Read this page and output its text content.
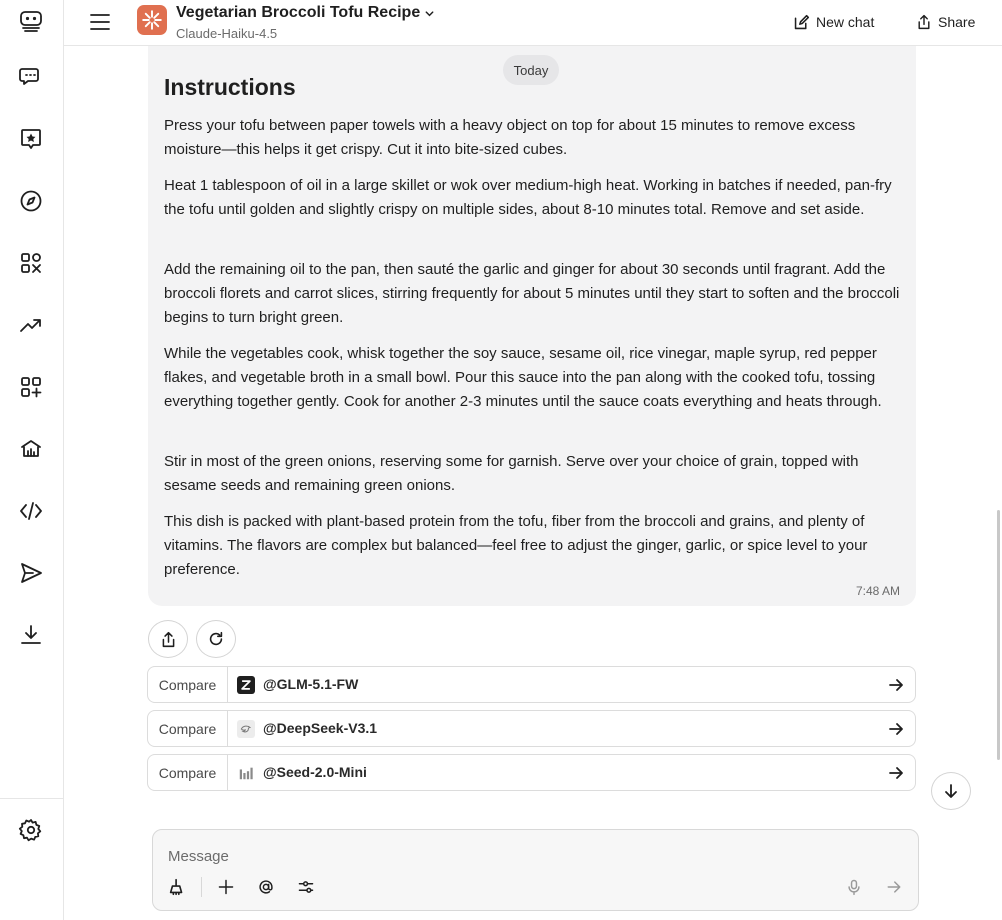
Vegetarian Broccoli Tofu Recipe
Claude-Haiku-4.5
New chat	Share
Today
Instructions

Press your tofu between paper towels with a heavy object on top for about 15 minutes to remove excess moisture—this helps it get crispy. Cut it into bite-sized cubes.

Heat 1 tablespoon of oil in a large skillet or wok over medium-high heat. Working in batches if needed, pan-fry the tofu until golden and slightly crispy on multiple sides, about 8-10 minutes total. Remove and set aside.

Add the remaining oil to the pan, then sauté the garlic and ginger for about 30 seconds until fragrant. Add the broccoli florets and carrot slices, stirring frequently for about 5 minutes until they start to soften and the broccoli begins to turn bright green.

While the vegetables cook, whisk together the soy sauce, sesame oil, rice vinegar, maple syrup, red pepper flakes, and vegetable broth in a small bowl. Pour this sauce into the pan along with the cooked tofu, tossing everything together gently. Cook for another 2-3 minutes until the sauce coats everything and heats through.

Stir in most of the green onions, reserving some for garnish. Serve over your choice of grain, topped with sesame seeds and remaining green onions.

This dish is packed with plant-based protein from the tofu, fiber from the broccoli and grains, and plenty of vitamins. The flavors are complex but balanced—feel free to adjust the ginger, garlic, or spice level to your preference.

7:48 AM
Compare	@GLM-5.1-FW
Compare	@DeepSeek-V3.1
Compare	@Seed-2.0-Mini
Message
